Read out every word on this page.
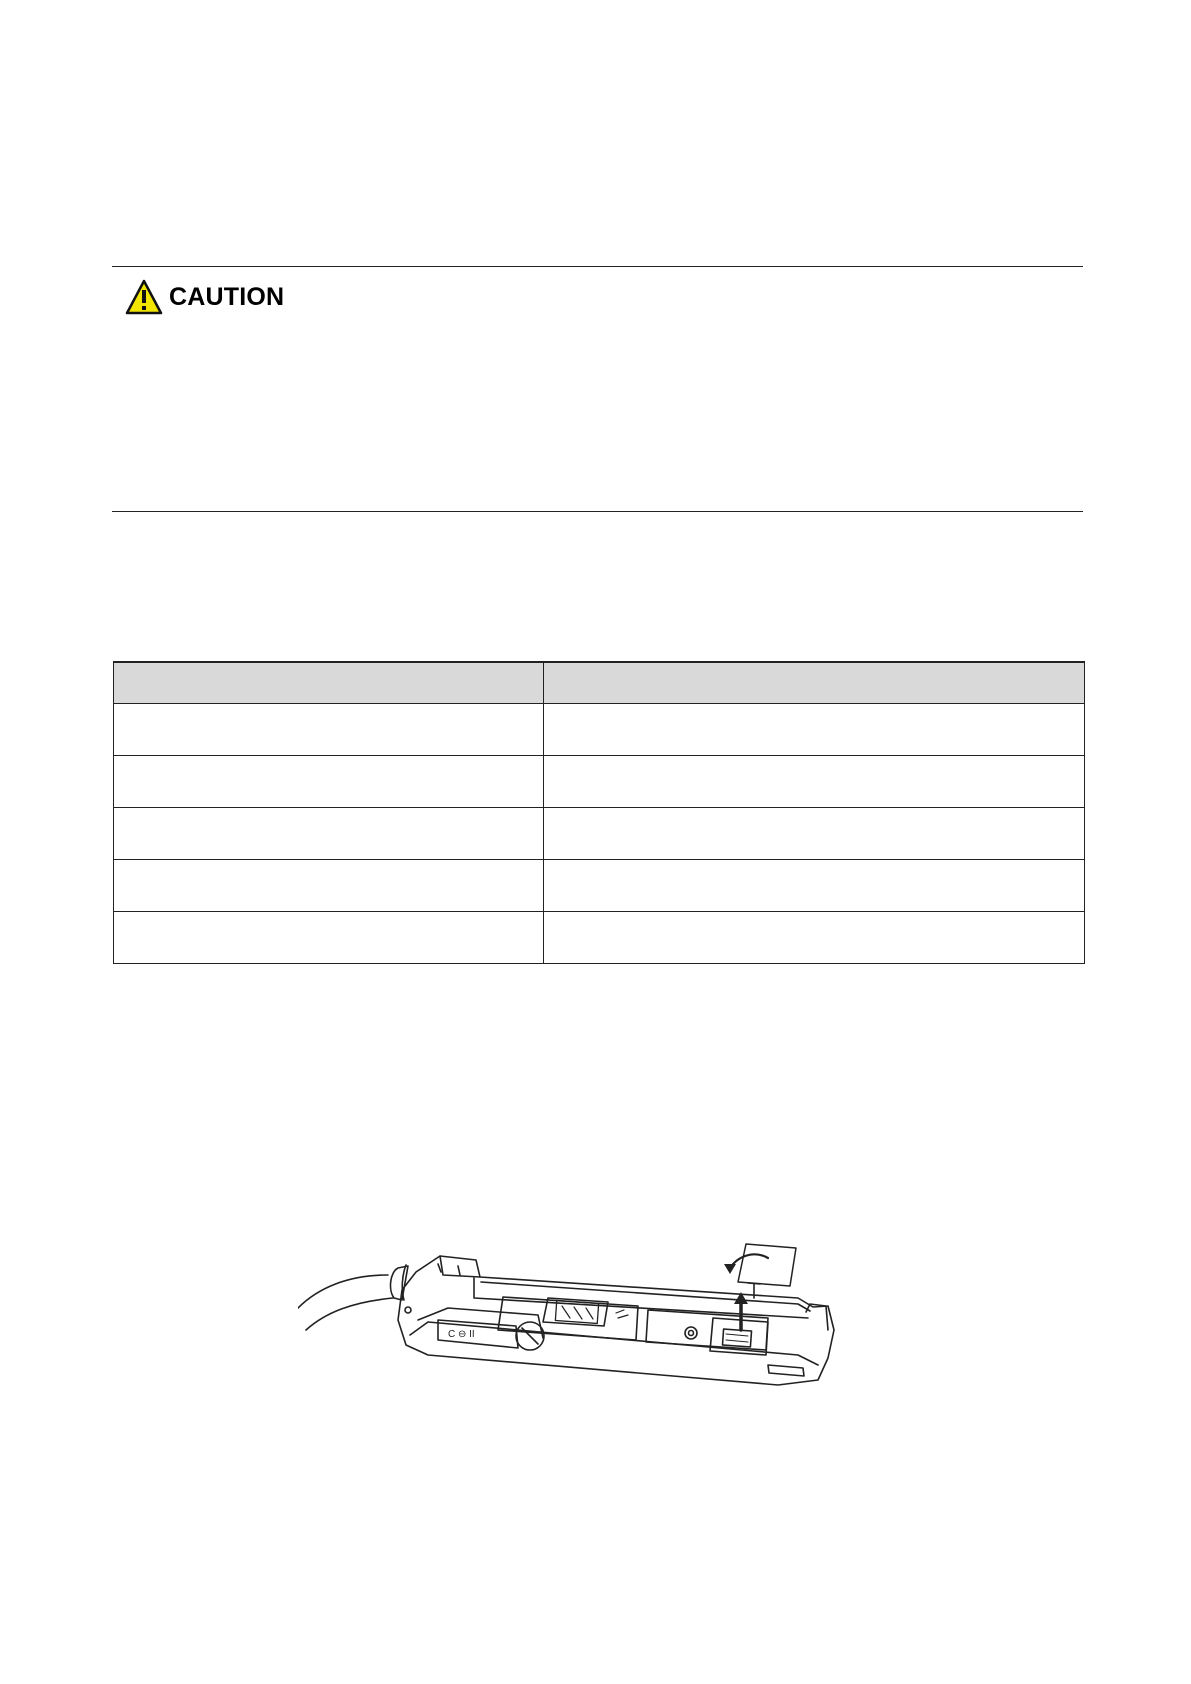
CAUTION

C ⊖ II
